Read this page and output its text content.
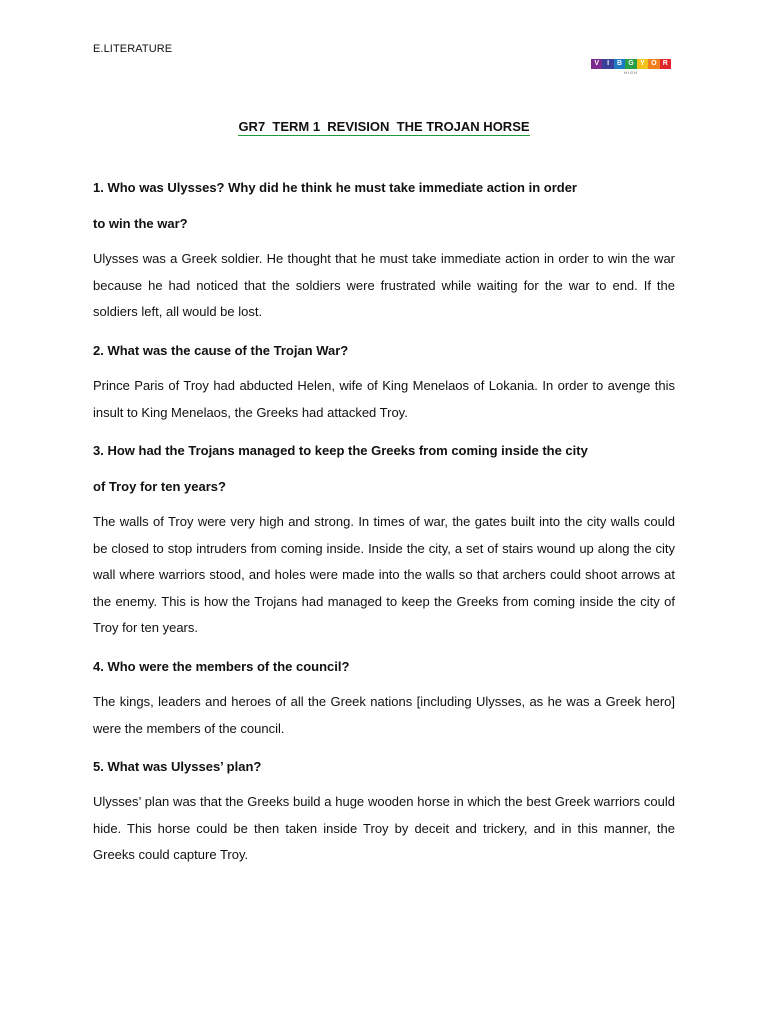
E.LITERATURE
V	I	B G Y O R
HIGH
GR7  TERM 1  REVISION  THE TROJAN HORSE
1. Who was Ulysses? Why did he think he must take immediate action in order
to win the war?
Ulysses was a Greek soldier. He thought that he must take immediate action in order to win the war because he had noticed that the soldiers were frustrated while waiting for the war to end. If the soldiers left, all would be lost.
2. What was the cause of the Trojan War?
Prince Paris of Troy had abducted Helen, wife of King Menelaos of Lokania. In order to avenge this insult to King Menelaos, the Greeks had attacked Troy.
3. How had the Trojans managed to keep the Greeks from coming inside the city
of Troy for ten years?
The walls of Troy were very high and strong. In times of war, the gates built into the city walls could be closed to stop intruders from coming inside. Inside the city, a set of stairs wound up along the city wall where warriors stood, and holes were made into the walls so that archers could shoot arrows at the enemy. This is how the Trojans had managed to keep the Greeks from coming inside the city of Troy for ten years.
4. Who were the members of the council?
The kings, leaders and heroes of all the Greek nations [including Ulysses, as he was a Greek hero] were the members of the council.
5. What was Ulysses’ plan?
Ulysses’ plan was that the Greeks build a huge wooden horse in which the best Greek warriors could hide. This horse could be then taken inside Troy by deceit and trickery, and in this manner, the Greeks could capture Troy.
